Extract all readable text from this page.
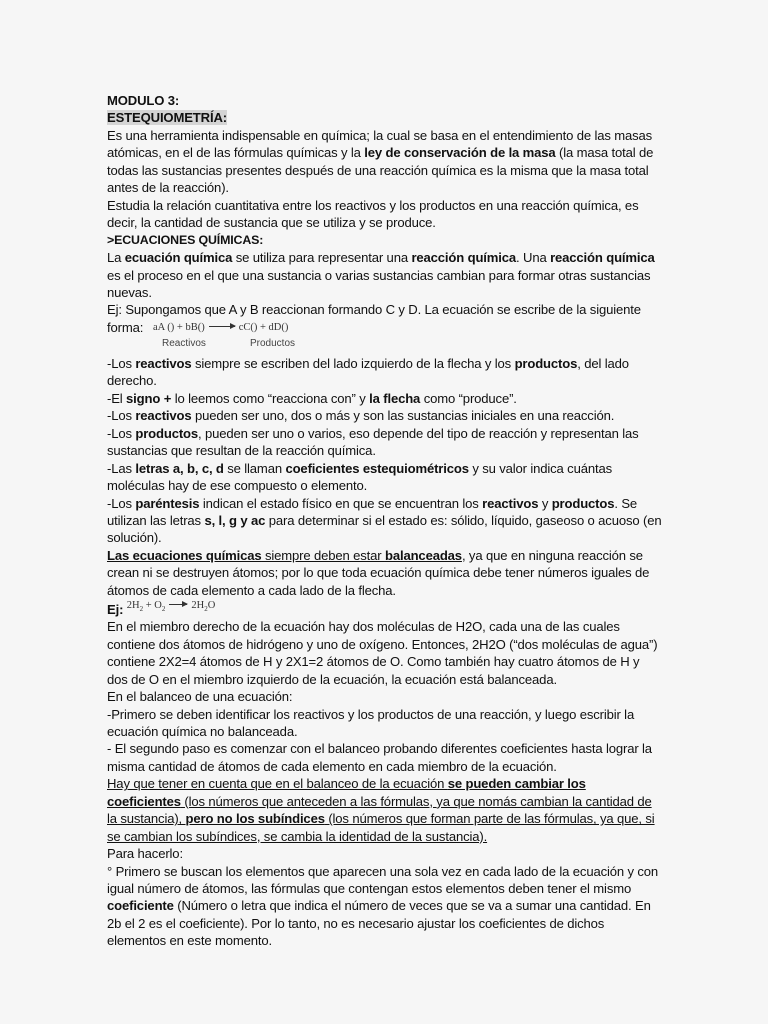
MODULO 3:

ESTEQUIOMETRÍA:

Es una herramienta indispensable en química; la cual se basa en el entendimiento de las masas atómicas, en el de las fórmulas químicas y la ley de conservación de la masa (la masa total de todas las sustancias presentes después de una reacción química es la misma que la masa total antes de la reacción).

Estudia la relación cuantitativa entre los reactivos y los productos en una reacción química, es decir, la cantidad de sustancia que se utiliza y se produce.

>ECUACIONES QUÍMICAS:

La ecuación química se utiliza para representar una reacción química. Una reacción química es el proceso en el que una sustancia o varias sustancias cambian para formar otras sustancias nuevas.

Ej: Supongamos que A y B reaccionan formando C y D. La ecuación se escribe de la siguiente

forma: aA () + bB()	cC() + dD()
Reactivos	Productos

-Los reactivos siempre se escriben del lado izquierdo de la flecha y los productos, del lado derecho.

-El signo + lo leemos como “reacciona con” y la flecha como “produce”.

-Los reactivos pueden ser uno, dos o más y son las sustancias iniciales en una reacción.

-Los productos, pueden ser uno o varios, eso depende del tipo de reacción y representan las sustancias que resultan de la reacción química.

-Las letras a, b, c, d se llaman coeficientes estequiométricos y su valor indica cuántas moléculas hay de ese compuesto o elemento.

-Los paréntesis indican el estado físico en que se encuentran los reactivos y productos. Se utilizan las letras s, l, g y ac para determinar si el estado es: sólido, líquido, gaseoso o acuoso (en solución).

Las ecuaciones químicas siempre deben estar balanceadas, ya que en ninguna reacción se crean ni se destruyen átomos; por lo que toda ecuación química debe tener números iguales de átomos de cada elemento a cada lado de la flecha.

Ej:
$2H_2 + O_2$ $2H_2O$

En el miembro derecho de la ecuación hay dos moléculas de H2O, cada una de las cuales contiene dos átomos de hidrógeno y uno de oxígeno. Entonces, 2H2O (“dos moléculas de agua”) contiene 2X2=4 átomos de H y 2X1=2 átomos de O. Como también hay cuatro átomos de H y dos de O en el miembro izquierdo de la ecuación, la ecuación está balanceada.

En el balanceo de una ecuación:

-Primero se deben identificar los reactivos y los productos de una reacción, y luego escribir la ecuación química no balanceada.

- El segundo paso es comenzar con el balanceo probando diferentes coeficientes hasta lograr la misma cantidad de átomos de cada elemento en cada miembro de la ecuación.

Hay que tener en cuenta que en el balanceo de la ecuación se pueden cambiar los coeficientes (los números que anteceden a las fórmulas, ya que nomás cambian la cantidad de la sustancia), pero no los subíndices (los números que forman parte de las fórmulas, ya que, si se cambian los subíndices, se cambia la identidad de la sustancia).

Para hacerlo:

° Primero se buscan los elementos que aparecen una sola vez en cada lado de la ecuación y con igual número de átomos, las fórmulas que contengan estos elementos deben tener el mismo coeficiente (Número o letra que indica el número de veces que se va a sumar una cantidad. En 2b el 2 es el coeficiente). Por lo tanto, no es necesario ajustar los coeficientes de dichos elementos en este momento.
